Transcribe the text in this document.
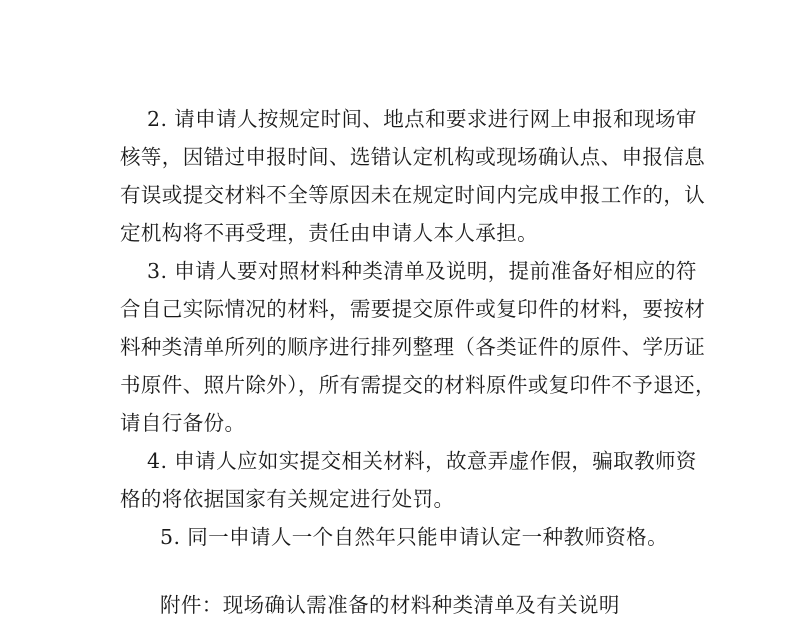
2. 请申请人按规定时间、地点和要求进行网上申报和现场审
核等，因错过申报时间、选错认定机构或现场确认点、申报信息
有误或提交材料不全等原因未在规定时间内完成申报工作的，认
定机构将不再受理，责任由申请人本人承担。
3. 申请人要对照材料种类清单及说明，提前准备好相应的符
合自己实际情况的材料，需要提交原件或复印件的材料，要按材
料种类清单所列的顺序进行排列整理（各类证件的原件、学历证
书原件、照片除外），所有需提交的材料原件或复印件不予退还，
请自行备份。
4. 申请人应如实提交相关材料，故意弄虚作假，骗取教师资
格的将依据国家有关规定进行处罚。
5. 同一申请人一个自然年只能申请认定一种教师资格。
附件：现场确认需准备的材料种类清单及有关说明
